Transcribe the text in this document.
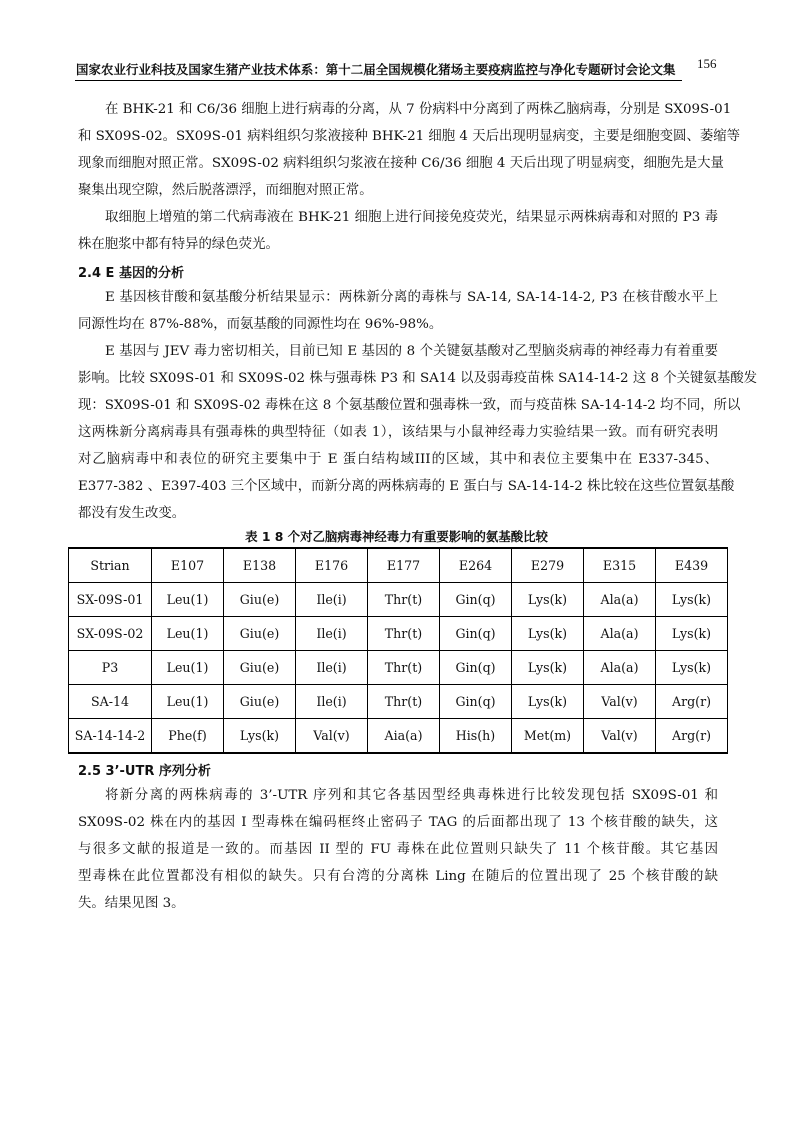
国家农业行业科技及国家生猪产业技术体系：第十二届全国规模化猪场主要疫病监控与净化专题研讨会论文集 156
在 BHK-21 和 C6/36 细胞上进行病毒的分离，从 7 份病料中分离到了两株乙脑病毒，分别是 SX09S-01
和 SX09S-02。SX09S-01 病料组织匀浆液接种 BHK-21 细胞 4 天后出现明显病变，主要是细胞变圆、萎缩等
现象而细胞对照正常。SX09S-02 病料组织匀浆液在接种 C6/36 细胞 4 天后出现了明显病变，细胞先是大量
聚集出现空隙，然后脱落漂浮，而细胞对照正常。
取细胞上增殖的第二代病毒液在 BHK-21 细胞上进行间接免疫荧光，结果显示两株病毒和对照的 P3 毒
株在胞浆中都有特异的绿色荧光。
E 基因核苷酸和氨基酸分析结果显示：两株新分离的毒株与 SA-14, SA-14-14-2, P3 在核苷酸水平上
同源性均在 87%-88%，而氨基酸的同源性均在 96%-98%。
E 基因与 JEV 毒力密切相关，目前已知 E 基因的 8 个关键氨基酸对乙型脑炎病毒的神经毒力有着重要
影响。比较 SX09S-01 和 SX09S-02 株与强毒株 P3 和 SA14 以及弱毒疫苗株 SA14-14-2 这 8 个关键氨基酸发
现：SX09S-01 和 SX09S-02 毒株在这 8 个氨基酸位置和强毒株一致，而与疫苗株 SA-14-14-2 均不同，所以
这两株新分离病毒具有强毒株的典型特征（如表 1），该结果与小鼠神经毒力实验结果一致。而有研究表明
对乙脑病毒中和表位的研究主要集中于 E 蛋白结构域III的区域，其中和表位主要集中在 E337-345、
E377-382 、E397-403 三个区域中，而新分离的两株病毒的 E 蛋白与 SA-14-14-2 株比较在这些位置氨基酸
都没有发生改变。
将新分离的两株病毒的 3’-UTR 序列和其它各基因型经典毒株进行比较发现包括 SX09S-01 和
SX09S-02 株在内的基因 I 型毒株在编码框终止密码子 TAG 的后面都出现了 13 个核苷酸的缺失，这
与很多文献的报道是一致的。而基因 II 型的 FU 毒株在此位置则只缺失了 11 个核苷酸。其它基因
型毒株在此位置都没有相似的缺失。只有台湾的分离株 Ling 在随后的位置出现了 25 个核苷酸的缺
失。结果见图 3。
2.4 E 基因的分析
表 1 8 个对乙脑病毒神经毒力有重要影响的氨基酸比较
Strian	E107	E138	E176	E177	E264	E279	E315	E439
SX-09S-01	Leu(1)	Giu(e)	Ile(i)	Thr(t)	Gin(q)	Lys(k)	Ala(a)	Lys(k)
SX-09S-02	Leu(1)	Giu(e)	Ile(i)	Thr(t)	Gin(q)	Lys(k)	Ala(a)	Lys(k)
P3	Leu(1)	Giu(e)	Ile(i)	Thr(t)	Gin(q)	Lys(k)	Ala(a)	Lys(k)
SA-14	Leu(1)	Giu(e)	Ile(i)	Thr(t)	Gin(q)	Lys(k)	Val(v)	Arg(r)
SA-14-14-2	Phe(f)	Lys(k)	Val(v)	Aia(a)	His(h)	Met(m)	Val(v)	Arg(r)
2.5 3’-UTR 序列分析
